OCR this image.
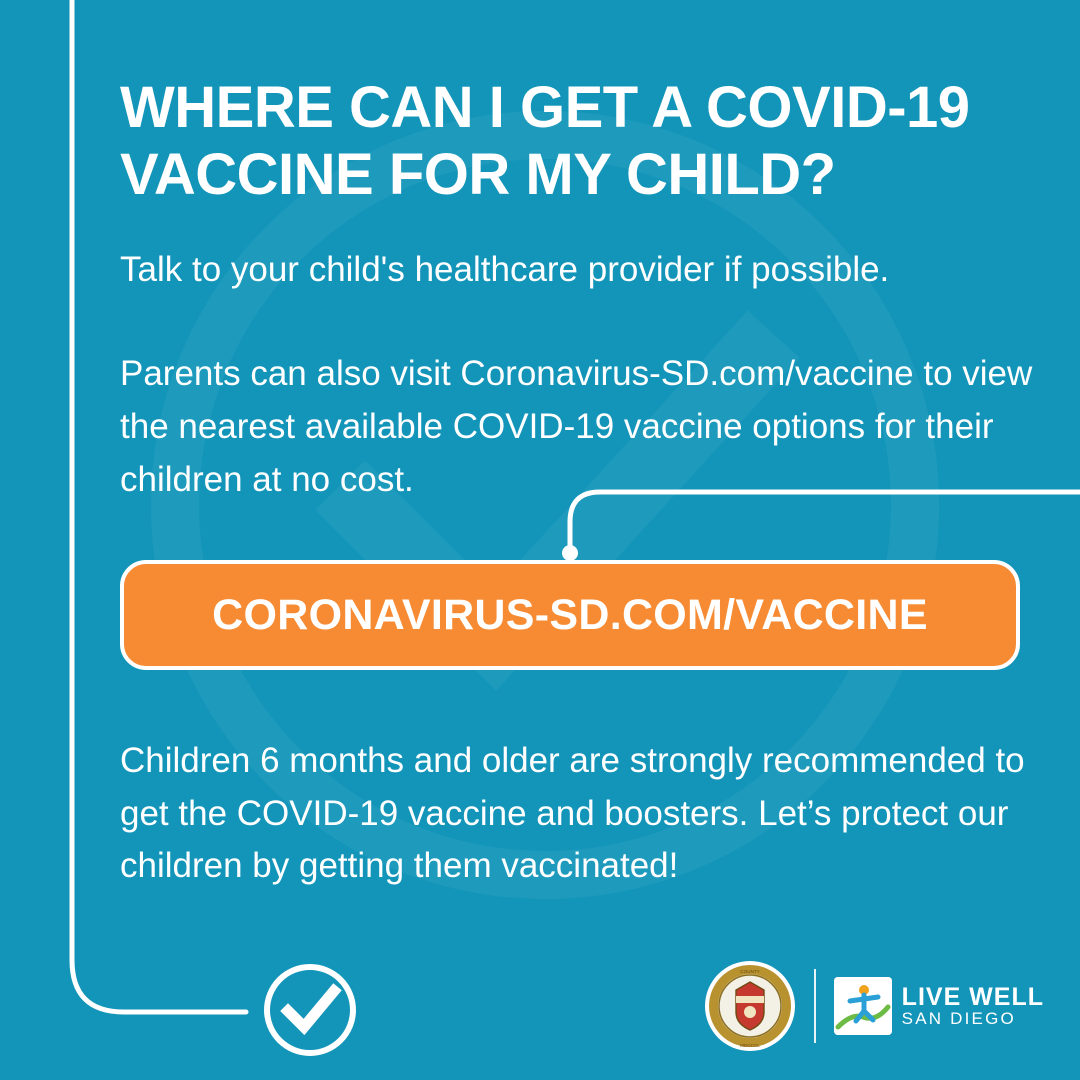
WHERE CAN I GET A COVID-19 VACCINE FOR MY CHILD?

Talk to your child's healthcare provider if possible.

Parents can also visit Coronavirus-SD.com/vaccine to view the nearest available COVID-19 vaccine options for their children at no cost.

CORONAVIRUS-SD.COM/VACCINE

Children 6 months and older are strongly recommended to get the COVID-19 vaccine and boosters. Let’s protect our children by getting them vaccinated!

COUNTY
MDCCCL
LIVE WELL
SAN DIEGO
